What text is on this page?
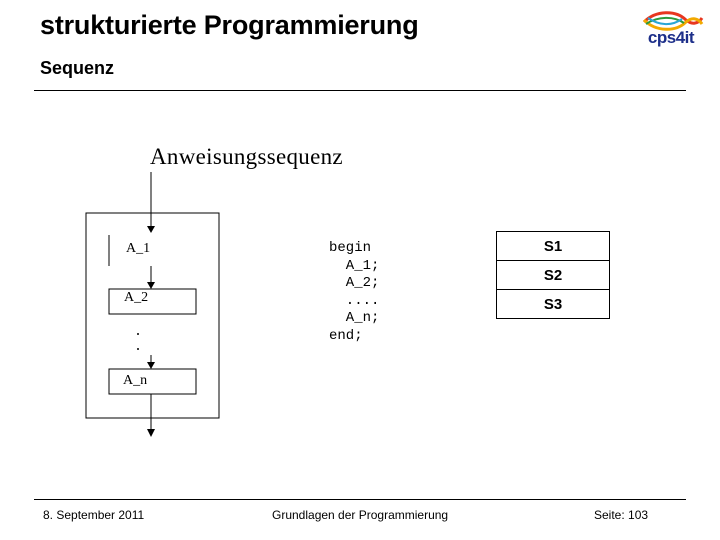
strukturierte Programmierung
Sequenz
cps4it
Anweisungssequenz
A_1
A_2
A_n
begin
A_1;
A_2;
....
A_n;
end;
S1
S2
S3
8. September 2011	Grundlagen der Programmierung	Seite: 103
